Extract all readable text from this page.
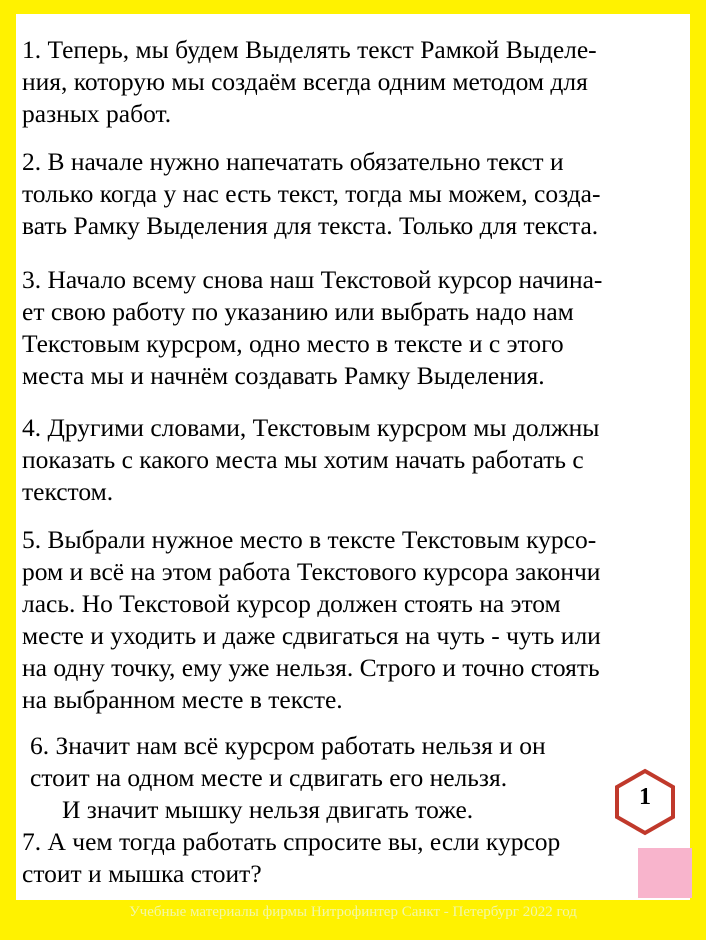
1. Теперь, мы будем Выделять текст Рамкой Выделе-
ния, которую мы создаём всегда одним методом для
разных работ.

2. В начале нужно напечатать обязательно текст и
только когда у нас есть текст, тогда мы можем, созда-
вать Рамку Выделения для текста. Только для текста.

3. Начало всему снова наш Текстовой курсор начина-
ет свою работу по указанию или выбрать надо нам
Текстовым курсром, одно место в тексте и с этого
места мы и начнём создавать Рамку Выделения.

4. Другими словами, Текстовым курсром мы должны
показать с какого места мы хотим начать работать с
текстом.

5. Выбрали нужное место в тексте Текстовым курсо-
ром и всё на этом работа Текстового курсора закончи
лась. Но Текстовой курсор должен стоять на этом
месте и уходить и даже сдвигаться на чуть - чуть или
на одну точку, ему уже нельзя. Строго и точно стоять
на выбранном месте в тексте.

6. Значит нам всё курсром работать нельзя и он
стоит на одном месте и сдвигать его нельзя.
И значит мышку нельзя двигать тоже.

7. А чем тогда работать спросите вы, если курсор
стоит и мышка стоит?

1
Учебные материалы фирмы Нитрофинтер Санкт - Петербург 2022 год
